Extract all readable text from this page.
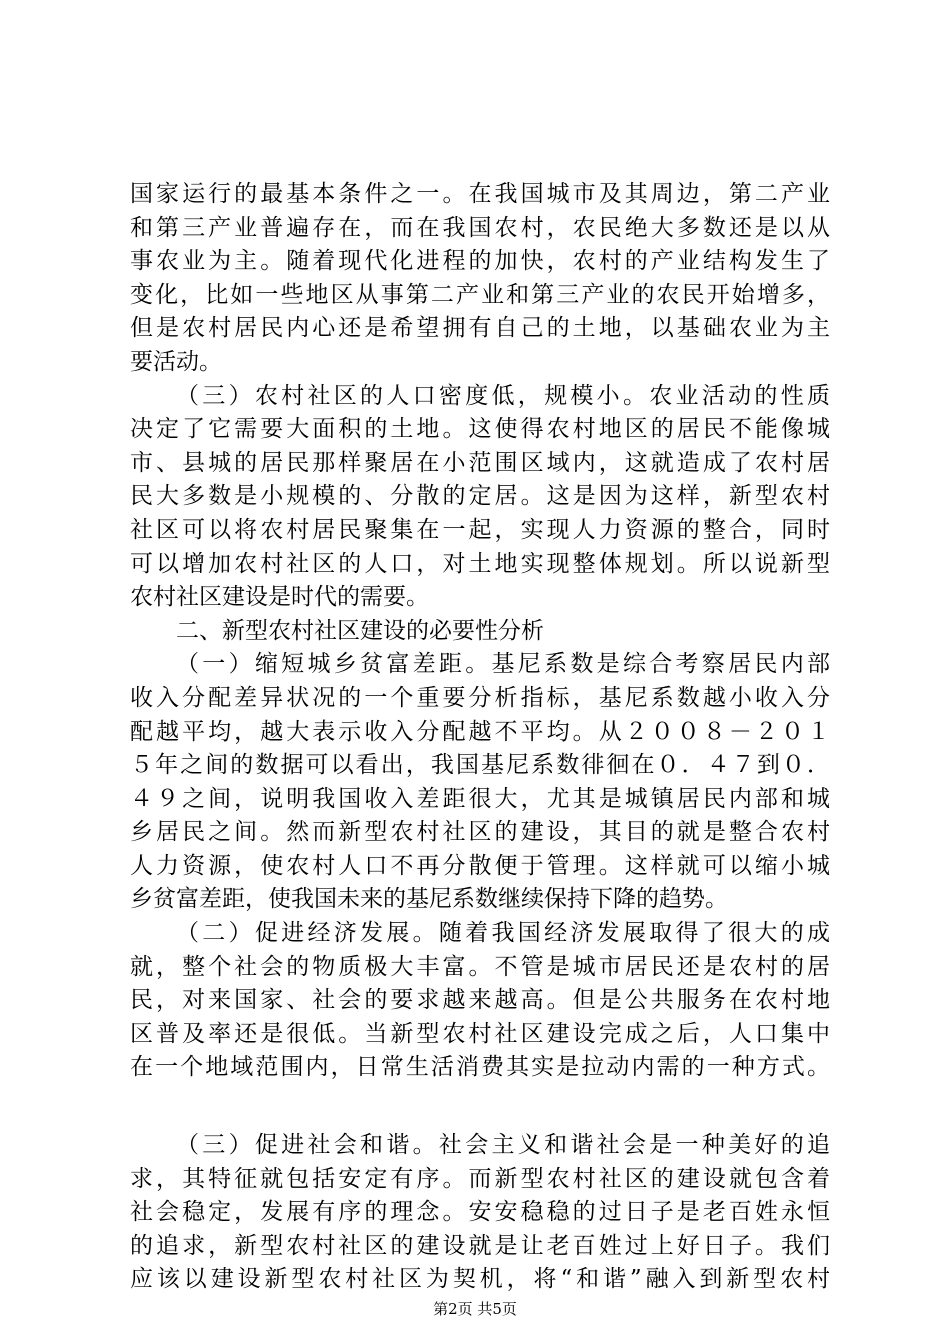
国家运行的最基本条件之一。在我国城市及其周边，第二产业
和第三产业普遍存在，而在我国农村，农民绝大多数还是以从
事农业为主。随着现代化进程的加快，农村的产业结构发生了
变化，比如一些地区从事第二产业和第三产业的农民开始增多，
但是农村居民内心还是希望拥有自己的土地，以基础农业为主
要活动。
（三）农村社区的人口密度低，规模小。农业活动的性质
决定了它需要大面积的土地。这使得农村地区的居民不能像城
市、县城的居民那样聚居在小范围区域内，这就造成了农村居
民大多数是小规模的、分散的定居。这是因为这样，新型农村
社区可以将农村居民聚集在一起，实现人力资源的整合，同时
可以增加农村社区的人口，对土地实现整体规划。所以说新型
农村社区建设是时代的需要。
二、新型农村社区建设的必要性分析
（一）缩短城乡贫富差距。基尼系数是综合考察居民内部
收入分配差异状况的一个重要分析指标，基尼系数越小收入分
配越平均，越大表示收入分配越不平均。从２００８－２０１
５年之间的数据可以看出，我国基尼系数徘徊在０．４７到０．
４９之间，说明我国收入差距很大，尤其是城镇居民内部和城
乡居民之间。然而新型农村社区的建设，其目的就是整合农村
人力资源，使农村人口不再分散便于管理。这样就可以缩小城
乡贫富差距，使我国未来的基尼系数继续保持下降的趋势。
（二）促进经济发展。随着我国经济发展取得了很大的成
就，整个社会的物质极大丰富。不管是城市居民还是农村的居
民，对来国家、社会的要求越来越高。但是公共服务在农村地
区普及率还是很低。当新型农村社区建设完成之后，人口集中
在一个地域范围内，日常生活消费其实是拉动内需的一种方式。
（三）促进社会和谐。社会主义和谐社会是一种美好的追
求，其特征就包括安定有序。而新型农村社区的建设就包含着
社会稳定，发展有序的理念。安安稳稳的过日子是老百姓永恒
的追求，新型农村社区的建设就是让老百姓过上好日子。我们
应该以建设新型农村社区为契机，将“和谐”融入到新型农村
第2页 共5页
